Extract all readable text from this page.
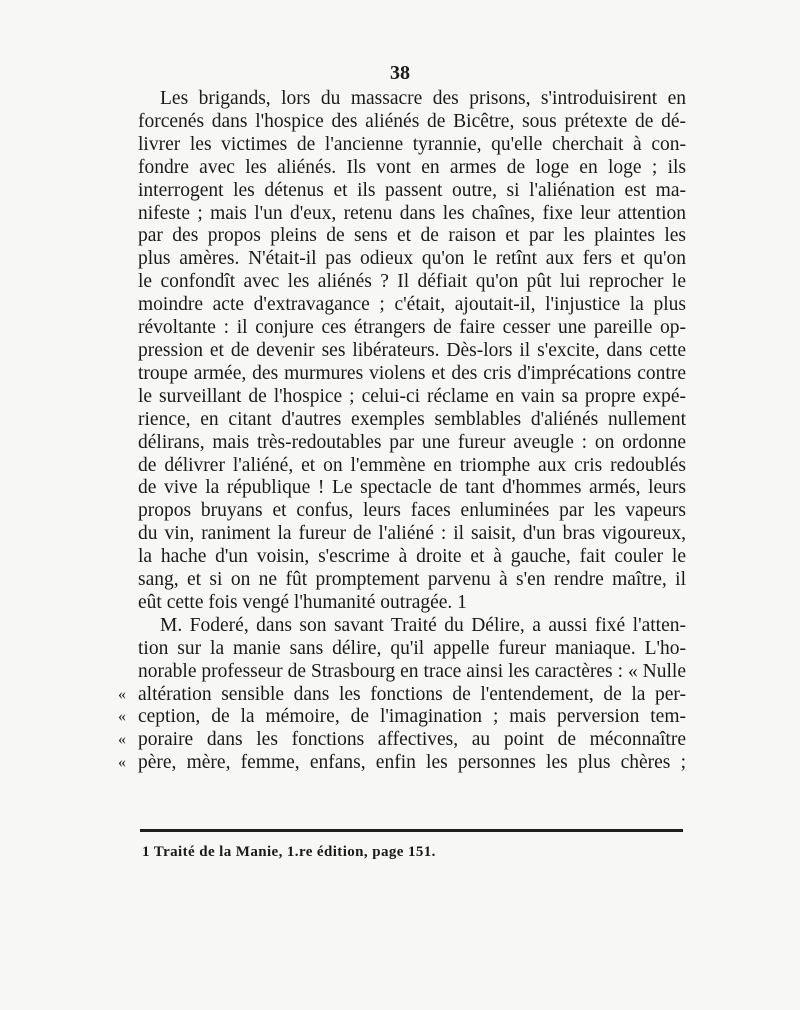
38
Les brigands, lors du massacre des prisons, s'introduisirent en
forcenés dans l'hospice des aliénés de Bicêtre, sous prétexte de dé-
livrer les victimes de l'ancienne tyrannie, qu'elle cherchait à con-
fondre avec les aliénés. Ils vont en armes de loge en loge ; ils
interrogent les détenus et ils passent outre, si l'aliénation est ma-
nifeste ; mais l'un d'eux, retenu dans les chaînes, fixe leur attention
par des propos pleins de sens et de raison et par les plaintes les
plus amères. N'était-il pas odieux qu'on le retînt aux fers et qu'on
le confondît avec les aliénés ? Il défiait qu'on pût lui reprocher le
moindre acte d'extravagance ; c'était, ajoutait-il, l'injustice la plus
révoltante : il conjure ces étrangers de faire cesser une pareille op-
pression et de devenir ses libérateurs. Dès-lors il s'excite, dans cette
troupe armée, des murmures violens et des cris d'imprécations contre
le surveillant de l'hospice ; celui-ci réclame en vain sa propre expé-
rience, en citant d'autres exemples semblables d'aliénés nullement
délirans, mais très-redoutables par une fureur aveugle : on ordonne
de délivrer l'aliéné, et on l'emmène en triomphe aux cris redoublés
de vive la république ! Le spectacle de tant d'hommes armés, leurs
propos bruyans et confus, leurs faces enluminées par les vapeurs
du vin, raniment la fureur de l'aliéné : il saisit, d'un bras vigoureux,
la hache d'un voisin, s'escrime à droite et à gauche, fait couler le
sang, et si on ne fût promptement parvenu à s'en rendre maître, il
eût cette fois vengé l'humanité outragée. 1
M. Foderé, dans son savant Traité du Délire, a aussi fixé l'atten-
tion sur la manie sans délire, qu'il appelle fureur maniaque. L'ho-
norable professeur de Strasbourg en trace ainsi les caractères : « Nulle
« altération sensible dans les fonctions de l'entendement, de la per-
« ception, de la mémoire, de l'imagination ; mais perversion tem-
« poraire dans les fonctions affectives, au point de méconnaître
« père, mère, femme, enfans, enfin les personnes les plus chères ;
1 Traité de la Manie, 1.re édition, page 151.
